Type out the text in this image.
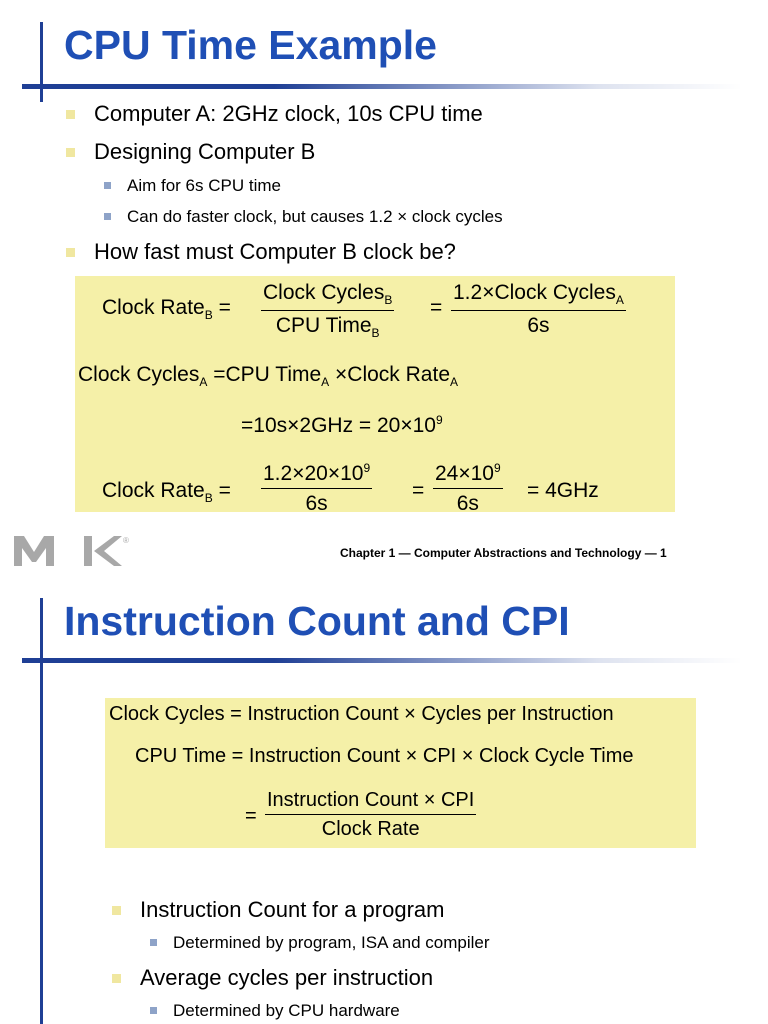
CPU Time Example
Computer A: 2GHz clock, 10s CPU time
Designing Computer B
Aim for 6s CPU time
Can do faster clock, but causes 1.2 × clock cycles
How fast must Computer B clock be?
Clock Rate$_B$ =
Clock Cycles$_B$
CPU Time$_B$
=
1.2×Clock Cycles$_A$
6s
Clock Cycles$_A$ =CPU Time$_A$ ×Clock Rate$_A$
$=10s\times 2GHz = 20\times 10^9$
Clock Rate$_B$ = $\frac{1.2\times 20\times 10^9}{6s} = \frac{24\times 10^9}{6s} = 4GHz$
®
Chapter 1 — Computer Abstractions and Technology — 1
Instruction Count and CPI
Clock Cycles = Instruction Count × Cycles per Instruction
CPU Time = Instruction Count × CPI × Clock Cycle Time
=
Instruction Count × CPI
Clock Rate
Instruction Count for a program
Determined by program, ISA and compiler
Average cycles per instruction
Determined by CPU hardware
